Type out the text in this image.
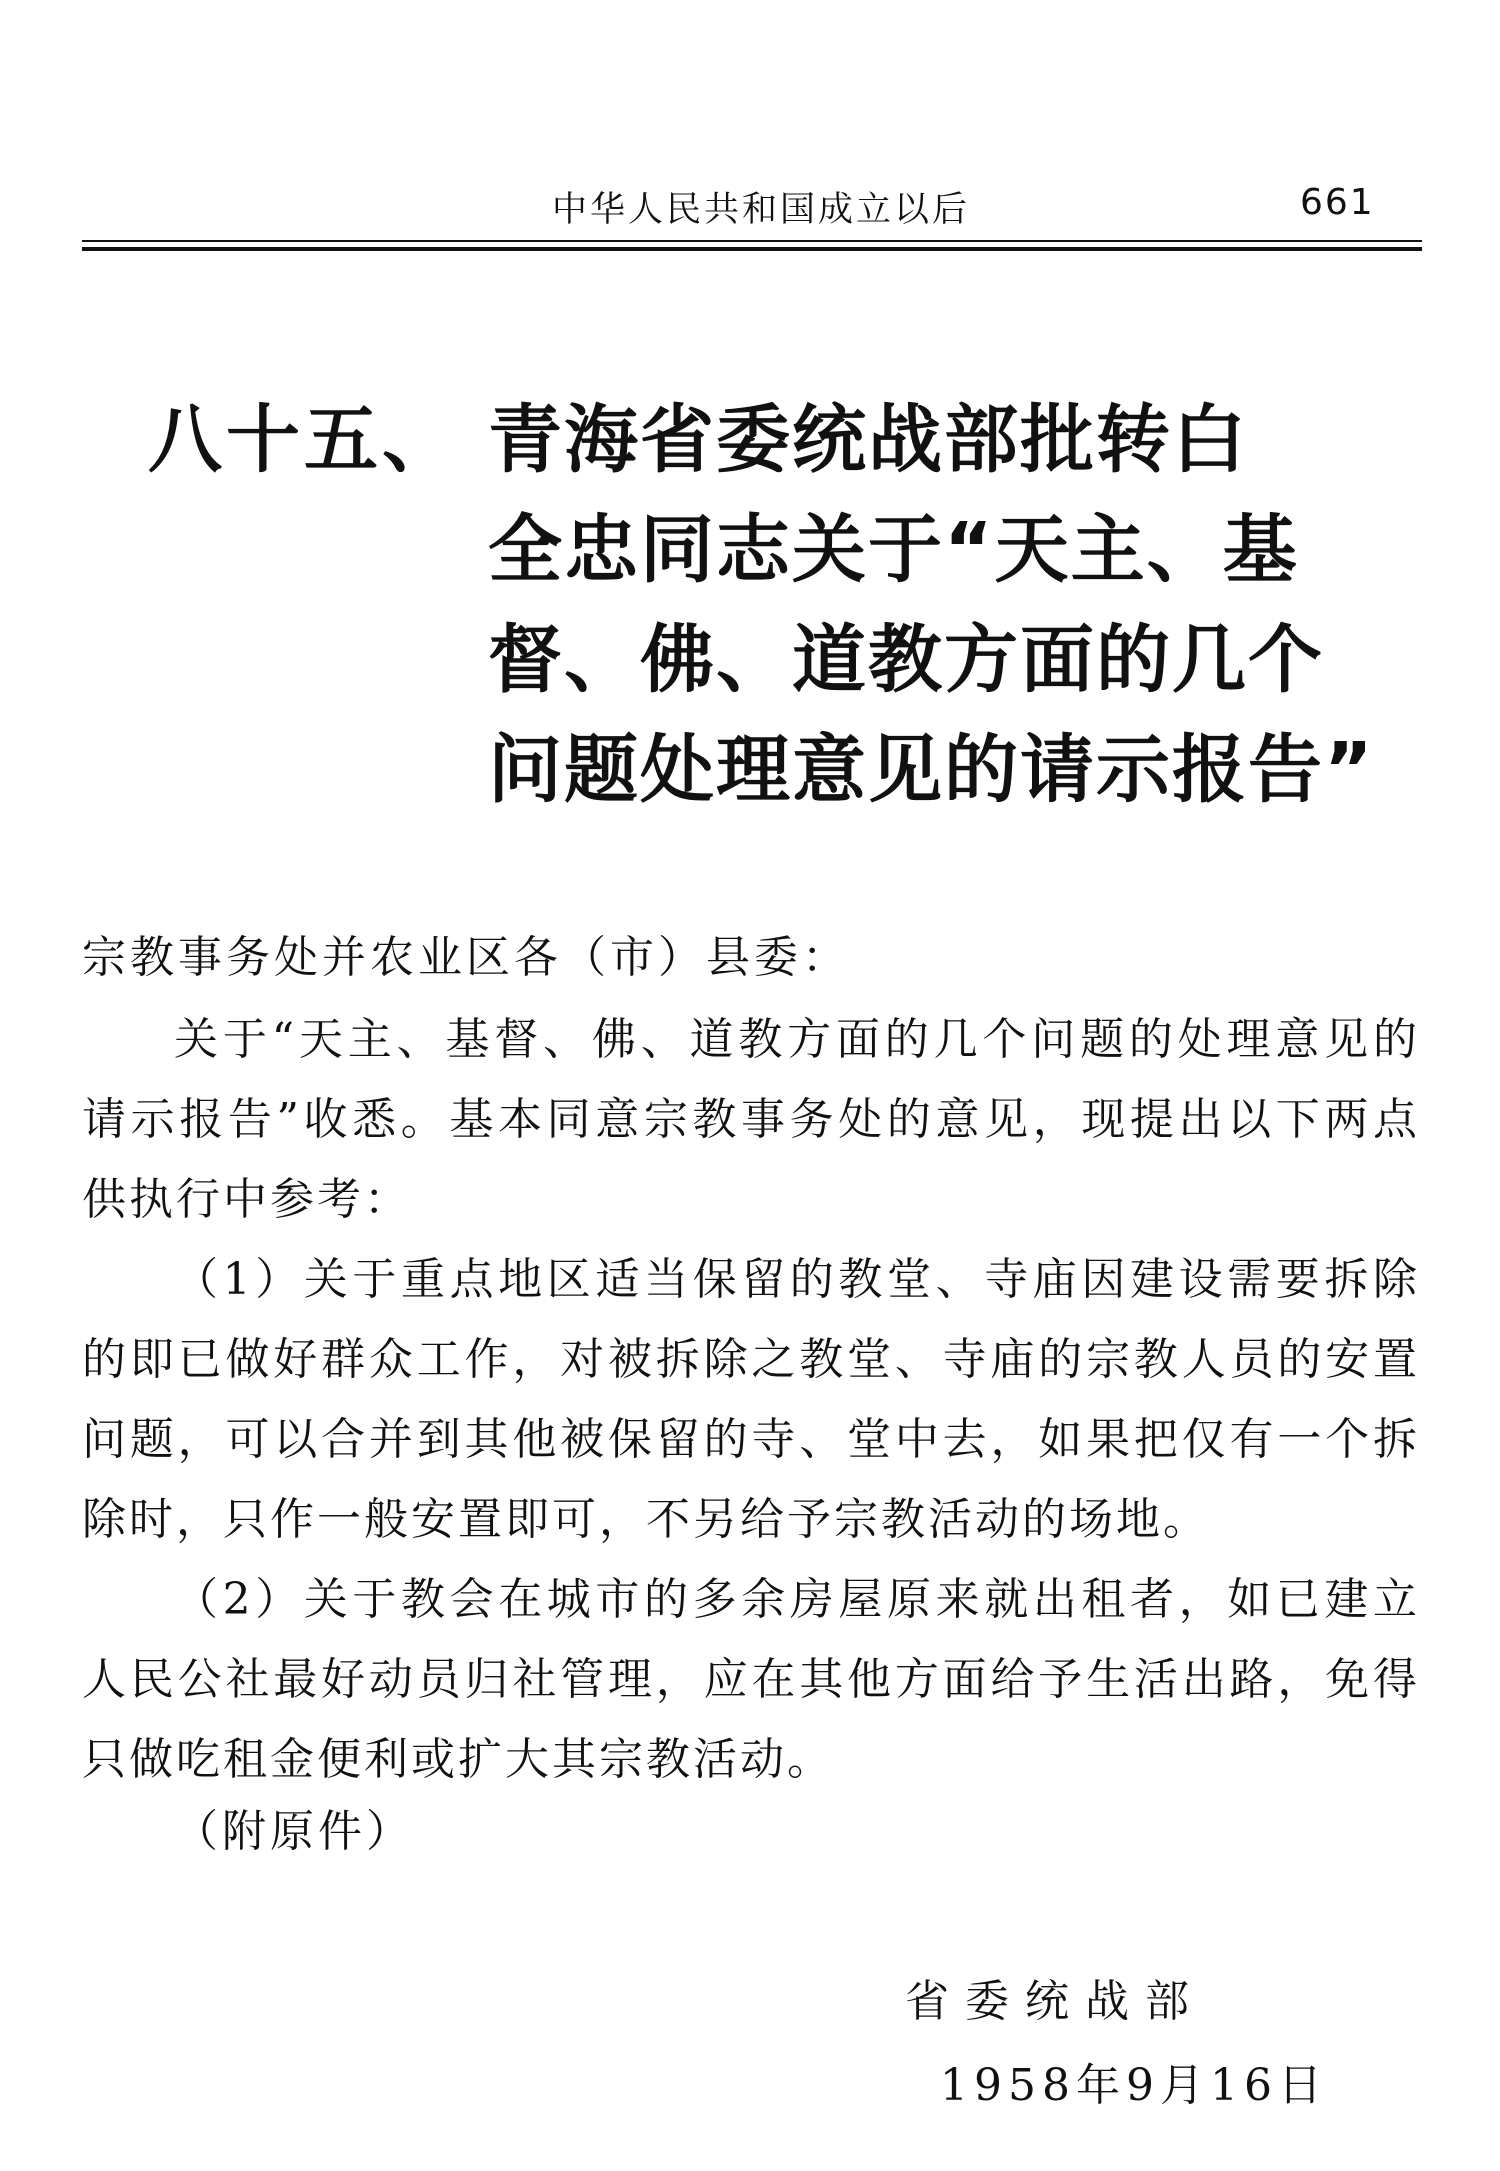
中华人民共和国成立以后	661
八十五、 青海省委统战部批转白
全忠同志关于“天主、基
督、佛、道教方面的几个
问题处理意见的请示报告”
宗教事务处并农业区各（市）县委：
关于“天主、基督、佛、道教方面的几个问题的处理意见的请示报告”收悉。基本同意宗教事务处的意见，现提出以下两点供执行中参考：
（1）关于重点地区适当保留的教堂、寺庙因建设需要拆除的即已做好群众工作，对被拆除之教堂、寺庙的宗教人员的安置问题，可以合并到其他被保留的寺、堂中去，如果把仅有一个拆除时，只作一般安置即可，不另给予宗教活动的场地。
（2）关于教会在城市的多余房屋原来就出租者，如已建立人民公社最好动员归社管理，应在其他方面给予生活出路，免得只做吃租金便利或扩大其宗教活动。
（附原件）
省委统战部
1958年9月16日
